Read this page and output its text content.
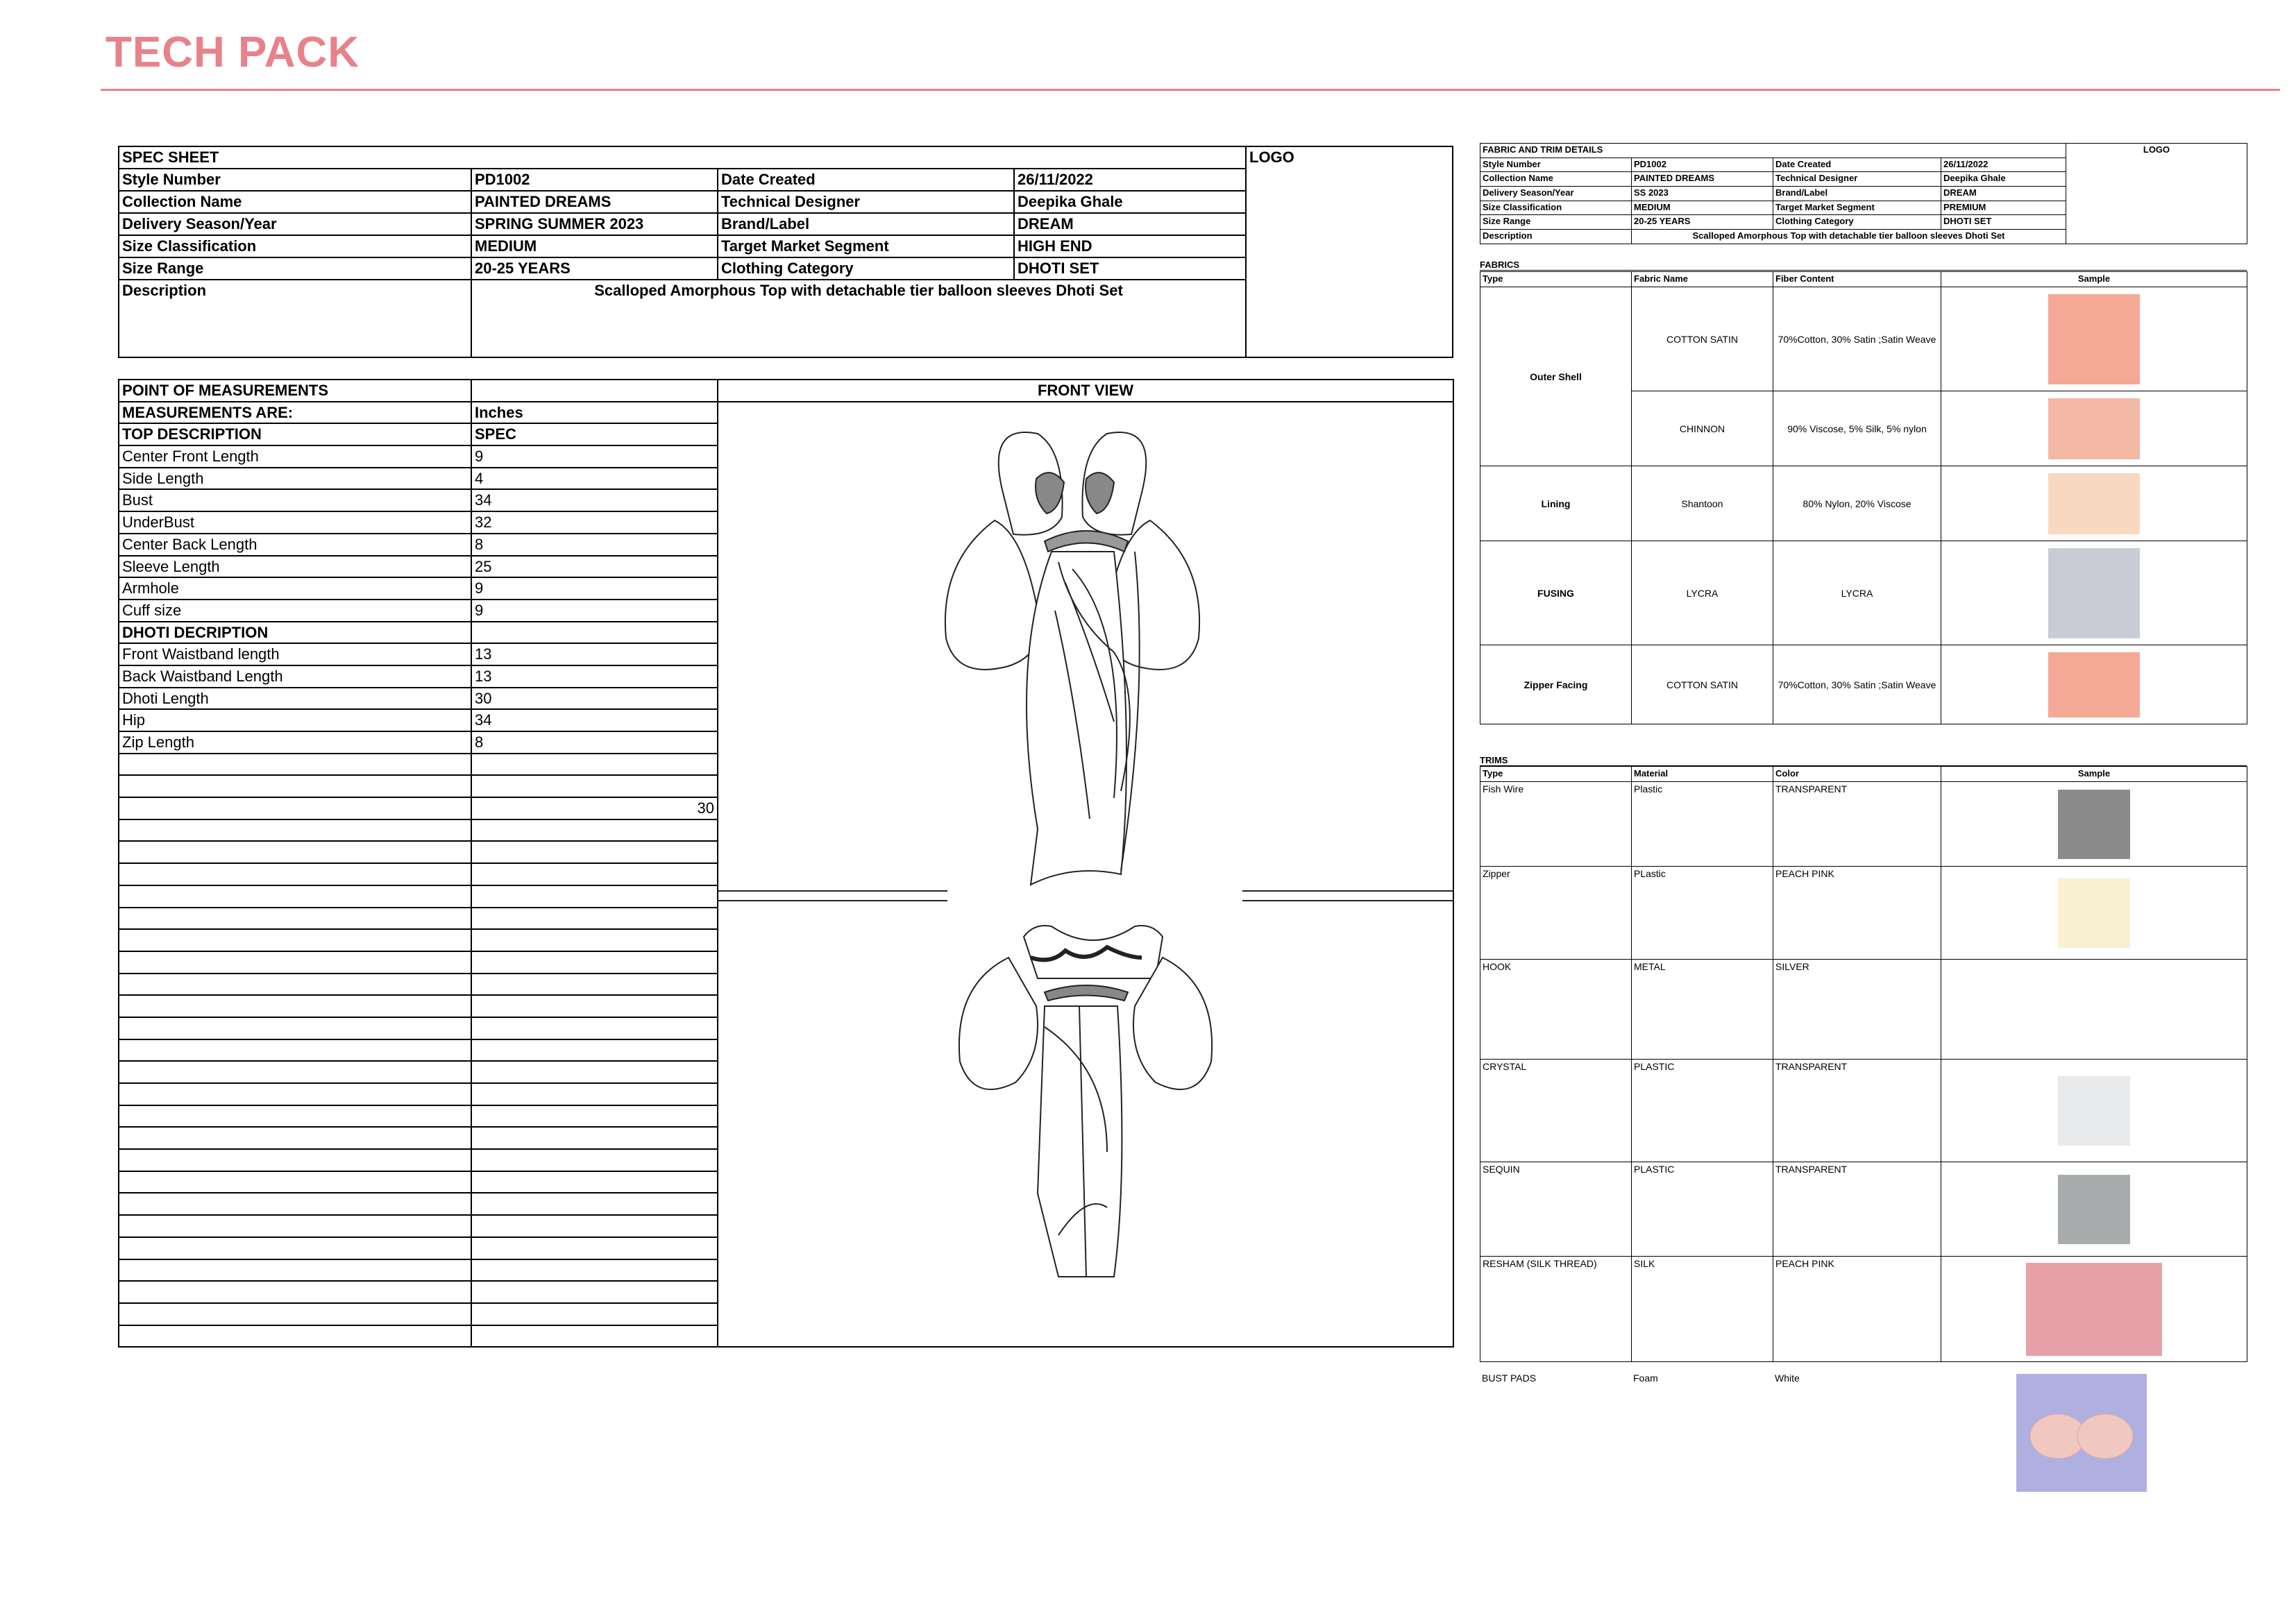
TECH PACK
SPEC SHEET				LOGO
Style Number	PD1002	Date Created	26/11/2022	
Collection Name	PAINTED DREAMS	Technical Designer	Deepika Ghale	
Delivery Season/Year	SPRING SUMMER 2023	Brand/Label	DREAM	
Size Classification	MEDIUM	Target Market Segment	HIGH END	
Size Range	20-25 YEARS	Clothing Category	DHOTI SET	
Description	Scalloped Amorphous Top with detachable tier balloon sleeves Dhoti Set			
POINT OF MEASUREMENTS		FRONT VIEW
MEASUREMENTS ARE:	Inches	

TOP DESCRIPTION	SPEC	
Center Front Length	9	
Side Length	4	
Bust	34	
UnderBust	32	
Center Back Length	8	
Sleeve Length	25	
Armhole	9	
Cuff size	9	
DHOTI DECRIPTION		
Front Waistband length	13	
Back Waistband Length	13	
Dhoti Length	30	
Hip	34	
Zip Length	8	

	30	

FABRIC AND TRIM DETAILS				LOGO
Style Number	PD1002	Date Created	26/11/2022	
Collection Name	PAINTED DREAMS	Technical Designer	Deepika Ghale	
Delivery Season/Year	SS 2023	Brand/Label	DREAM	
Size Classification	MEDIUM	Target Market Segment	PREMIUM	
Size Range	20-25 YEARS	Clothing Category	DHOTI SET	
Description	Scalloped Amorphous Top with detachable tier balloon sleeves Dhoti Set			
FABRICS
Type	Fabric Name	Fiber Content	Sample
Outer Shell	COTTON SATIN	70%Cotton, 30% Satin ;Satin Weave	

	CHINNON	90% Viscose, 5% Silk, 5% nylon	

Lining	Shantoon	80% Nylon, 20% Viscose	

FUSING	LYCRA	LYCRA	

Zipper Facing	COTTON SATIN	70%Cotton, 30% Satin ;Satin Weave	
TRIMS
Type	Material	Color	Sample
Fish Wire	Plastic	TRANSPARENT	

Zipper	PLastic	PEACH PINK	

HOOK	METAL	SILVER	

CRYSTAL	PLASTIC	TRANSPARENT	

SEQUIN	PLASTIC	TRANSPARENT	

RESHAM (SILK THREAD)	SILK	PEACH PINK	
BUST PADS	Foam	White
